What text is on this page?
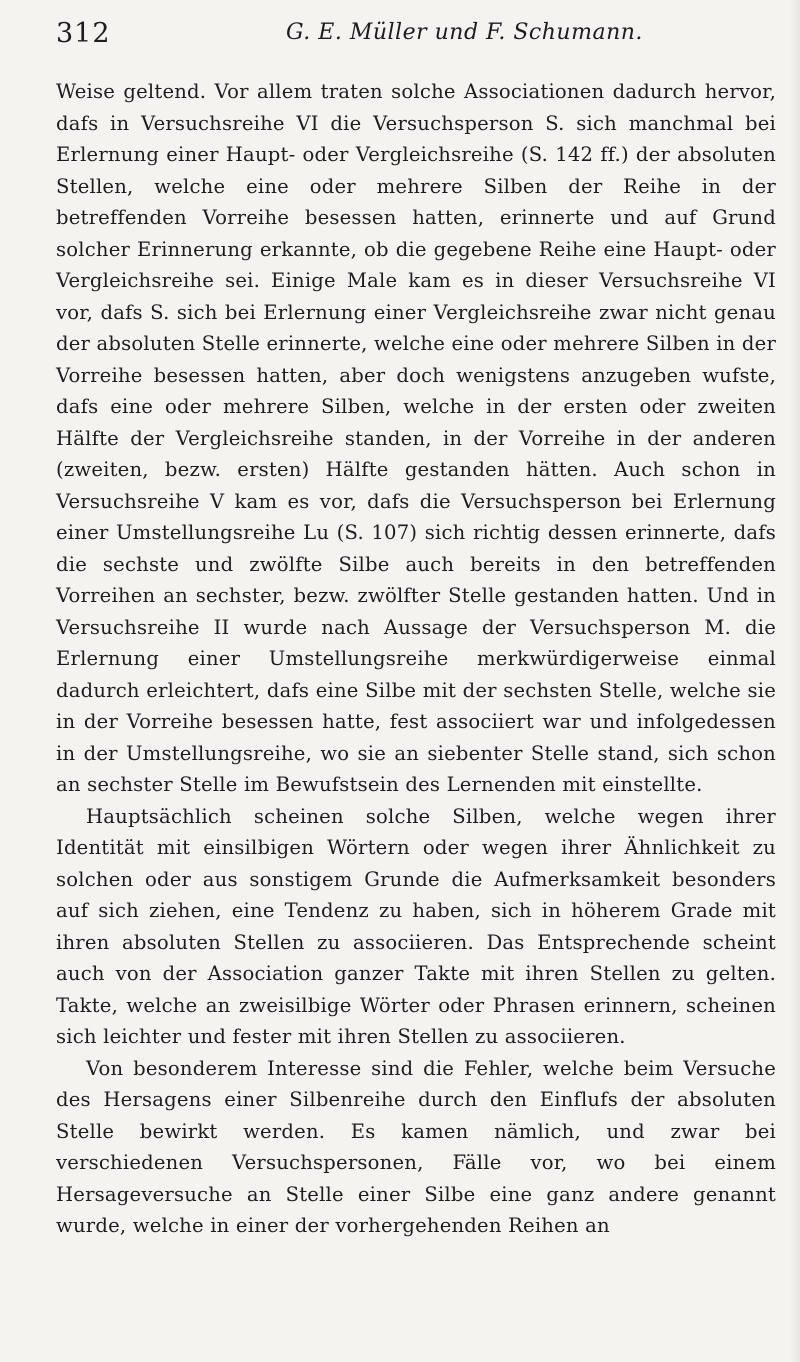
312	G. E. Müller und F. Schumann.

Weise geltend. Vor allem traten solche Associationen dadurch hervor, dafs in Versuchsreihe VI die Versuchsperson S. sich manchmal bei Erlernung einer Haupt- oder Vergleichsreihe (S. 142 ff.) der absoluten Stellen, welche eine oder mehrere Silben der Reihe in der betreffenden Vorreihe besessen hatten, erinnerte und auf Grund solcher Erinnerung erkannte, ob die gegebene Reihe eine Haupt- oder Vergleichsreihe sei. Einige Male kam es in dieser Versuchsreihe VI vor, dafs S. sich bei Erlernung einer Vergleichsreihe zwar nicht genau der absoluten Stelle erinnerte, welche eine oder mehrere Silben in der Vorreihe besessen hatten, aber doch wenigstens anzugeben wufste, dafs eine oder mehrere Silben, welche in der ersten oder zweiten Hälfte der Vergleichsreihe standen, in der Vorreihe in der anderen (zweiten, bezw. ersten) Hälfte gestanden hätten. Auch schon in Versuchsreihe V kam es vor, dafs die Versuchsperson bei Erlernung einer Umstellungsreihe Lu (S. 107) sich richtig dessen erinnerte, dafs die sechste und zwölfte Silbe auch bereits in den betreffenden Vorreihen an sechster, bezw. zwölfter Stelle gestanden hatten. Und in Versuchsreihe II wurde nach Aussage der Versuchsperson M. die Erlernung einer Umstellungsreihe merkwürdigerweise einmal dadurch erleichtert, dafs eine Silbe mit der sechsten Stelle, welche sie in der Vorreihe besessen hatte, fest associiert war und infolgedessen in der Umstellungsreihe, wo sie an siebenter Stelle stand, sich schon an sechster Stelle im Bewufstsein des Lernenden mit einstellte.

Hauptsächlich scheinen solche Silben, welche wegen ihrer Identität mit einsilbigen Wörtern oder wegen ihrer Ähnlichkeit zu solchen oder aus sonstigem Grunde die Aufmerksamkeit besonders auf sich ziehen, eine Tendenz zu haben, sich in höherem Grade mit ihren absoluten Stellen zu associieren. Das Entsprechende scheint auch von der Association ganzer Takte mit ihren Stellen zu gelten. Takte, welche an zweisilbige Wörter oder Phrasen erinnern, scheinen sich leichter und fester mit ihren Stellen zu associieren.

Von besonderem Interesse sind die Fehler, welche beim Versuche des Hersagens einer Silbenreihe durch den Einflufs der absoluten Stelle bewirkt werden. Es kamen nämlich, und zwar bei verschiedenen Versuchspersonen, Fälle vor, wo bei einem Hersageversuche an Stelle einer Silbe eine ganz andere genannt wurde, welche in einer der vorhergehenden Reihen an
